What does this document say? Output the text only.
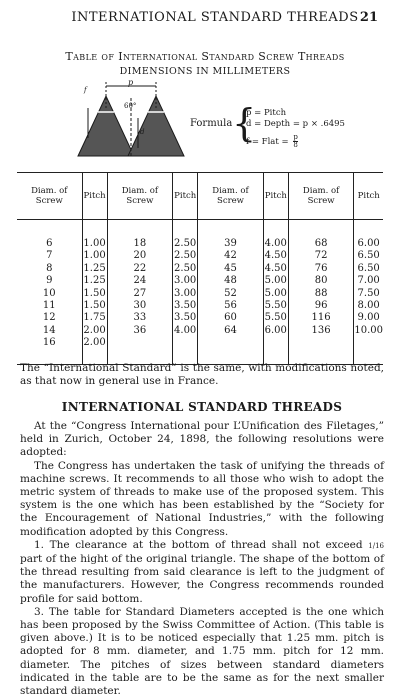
INTERNATIONAL STANDARD THREADS 21
Table of International Standard Screw Threads
DIMENSIONS IN MILLIMETERS
p
60°
f
d
Formula {
p = Pitch
d = Depth = p × .6495
f = Flat = $\frac{p}{8}$
Diam. of Screw	Pitch	Diam. of Screw	Pitch	Diam. of Screw	Pitch	Diam. of Screw	Pitch
6	1.00	18	2.50	39	4.00	68	6.00
7	1.00	20	2.50	42	4.50	72	6.50
8	1.25	22	2.50	45	4.50	76	6.50
9	1.25	24	3.00	48	5.00	80	7.00
10	1.50	27	3.00	52	5.00	88	7.50
11	1.50	30	3.50	56	5.50	96	8.00
12	1.75	33	3.50	60	5.50	116	9.00
14	2.00	36	4.00	64	6.00	136	10.00
16	2.00						
The “International Standard” is the same, with modifications noted, as that now in general use in France.
INTERNATIONAL STANDARD THREADS

At the “Congress International pour L’Unification des Filetages,” held in Zurich, October 24, 1898, the following resolutions were adopted:

The Congress has undertaken the task of unifying the threads of machine screws. It recommends to all those who wish to adopt the metric system of threads to make use of the proposed system. This system is the one which has been established by the “Society for the Encouragement of National Industries,” with the following modification adopted by this Congress.

1. The clearance at the bottom of thread shall not exceed 1/16 part of the hight of the original triangle. The shape of the bottom of the thread resulting from said clearance is left to the judgment of the manufacturers. However, the Congress recommends rounded profile for said bottom.

3. The table for Standard Diameters accepted is the one which has been proposed by the Swiss Committee of Action. (This table is given above.) It is to be noticed especially that 1.25 mm. pitch is adopted for 8 mm. diameter, and 1.75 mm. pitch for 12 mm. diameter. The pitches of sizes between standard diameters indicated in the table are to be the same as for the next smaller standard diameter.
